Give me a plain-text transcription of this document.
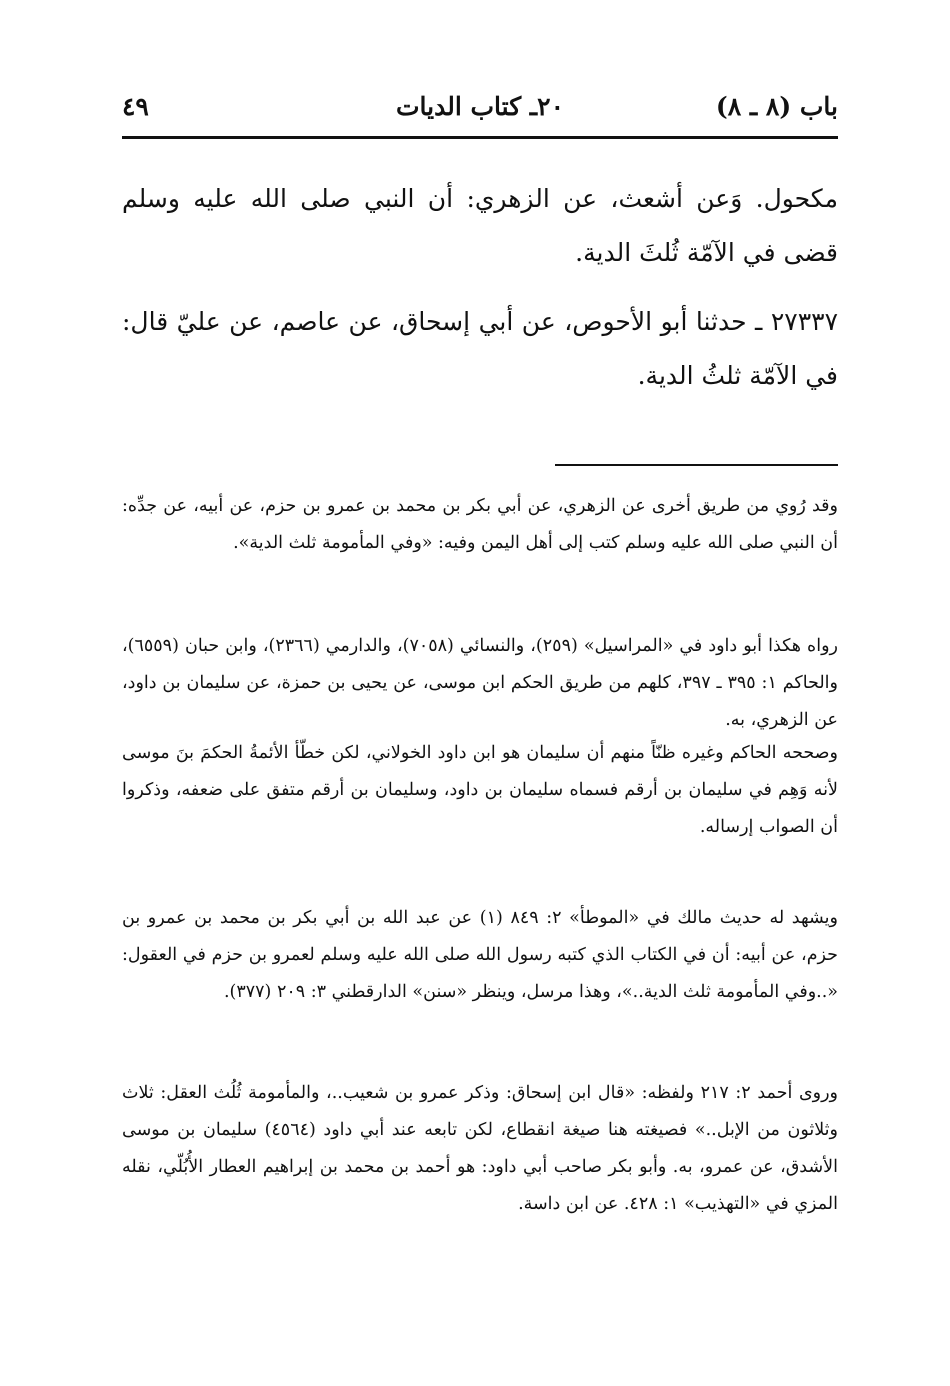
باب (٨ ـ ٨)
٢٠ـ كتاب الديات
٤٩

مكحول. وَعن أشعث، عن الزهري: أن النبي صلى الله عليه وسلم قضى في الآمّة ثُلثَ الدية.

٢٧٣٣٧ ـ حدثنا أبو الأحوص، عن أبي إسحاق، عن عاصم، عن عليّ قال: في الآمّة ثلثُ الدية.

وقد رُوي من طريق أخرى عن الزهري، عن أبي بكر بن محمد بن عمرو بن حزم، عن أبيه، عن جدِّه: أن النبي صلى الله عليه وسلم كتب إلى أهل اليمن وفيه: «وفي المأمومة ثلث الدية».

رواه هكذا أبو داود في «المراسيل» (٢٥٩)، والنسائي (٧٠٥٨)، والدارمي (٢٣٦٦)، وابن حبان (٦٥٥٩)، والحاكم ١: ٣٩٥ ـ ٣٩٧، كلهم من طريق الحكم ابن موسى، عن يحيى بن حمزة، عن سليمان بن داود، عن الزهري، به.

وصححه الحاكم وغيره ظنّاً منهم أن سليمان هو ابن داود الخولاني، لكن خطّأ الأئمةُ الحكمَ بنَ موسى لأنه وَهِم في سليمان بن أرقم فسماه سليمان بن داود، وسليمان بن أرقم متفق على ضعفه، وذكروا أن الصواب إرساله.

ويشهد له حديث مالك في «الموطأ» ٢: ٨٤٩ (١) عن عبد الله بن أبي بكر بن محمد بن عمرو بن حزم، عن أبيه: أن في الكتاب الذي كتبه رسول الله صلى الله عليه وسلم لعمرو بن حزم في العقول: «..وفي المأمومة ثلث الدية..»، وهذا مرسل، وينظر «سنن» الدارقطني ٣: ٢٠٩ (٣٧٧).

وروى أحمد ٢: ٢١٧ ولفظه: «قال ابن إسحاق: وذكر عمرو بن شعيب..، والمأمومة ثُلُث العقل: ثلاث وثلاثون من الإبل..» فصيغته هنا صيغة انقطاع، لكن تابعه عند أبي داود (٤٥٦٤) سليمان بن موسى الأشدق، عن عمرو، به. وأبو بكر صاحب أبي داود: هو أحمد بن محمد بن إبراهيم العطار الأُبُلّي، نقله المزي في «التهذيب» ١: ٤٢٨. عن ابن داسة.
